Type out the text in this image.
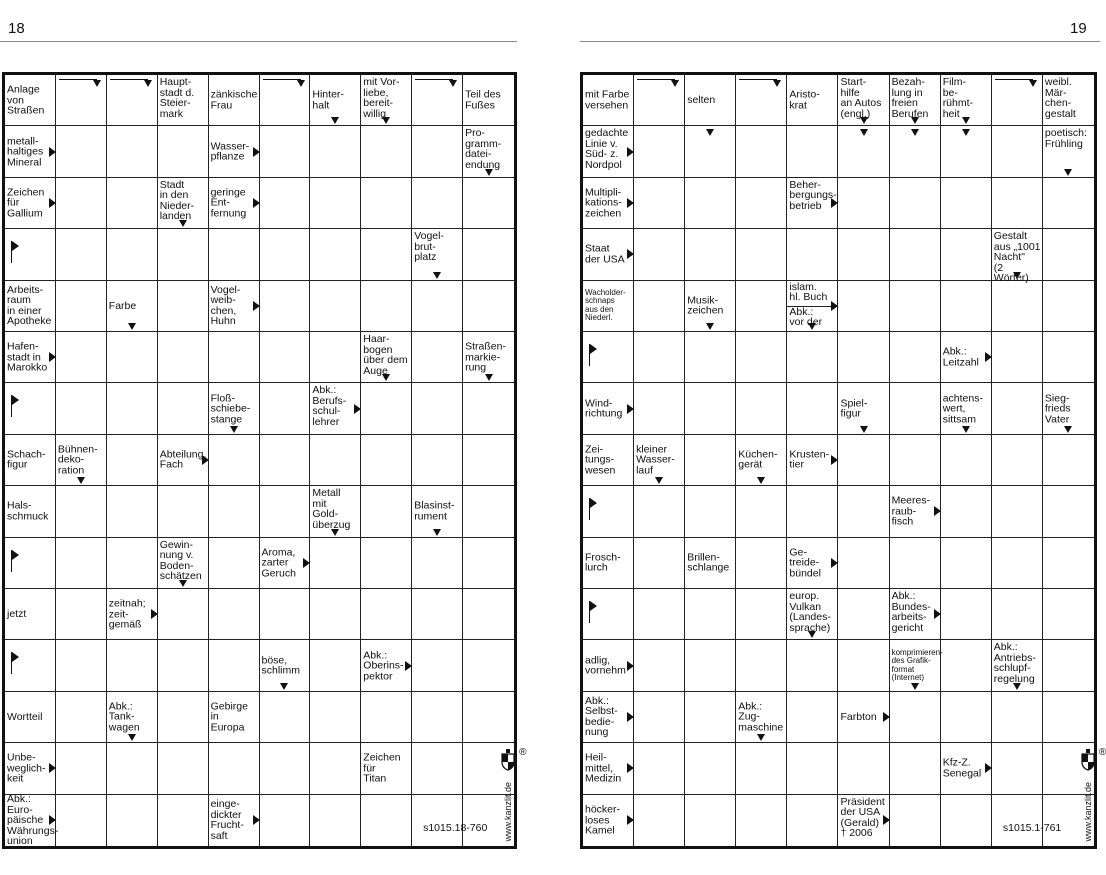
18	19
Anlage
von
Straßen
Haupt-
stadt d.
Steier-
mark
zänkische
Frau
Hinter-
halt
mit Vor-
liebe,
bereit-
willig
Teil des
Fußes
metall-
haltiges
Mineral
Wasser-
pflanze
Pro-
gramm-
datei-
endung
Zeichen
für
Gallium
Stadt
in den
Nieder-
landen
geringe
Ent-
fernung
Vogel-
brut-
platz
Arbeits-
raum
in einer
Apotheke
Farbe
Vogel-
weib-
chen,
Huhn
Hafen-
stadt in
Marokko
Haar-
bogen
über dem
Auge
Straßen-
markie-
rung
Floß-
schiebe-
stange
Abk.:
Berufs-
schul-
lehrer
Schach-
figur
Bühnen-
deko-
ration
Abteilung,
Fach
Hals-
schmuck
Metall
mit
Gold-
überzug
Blasinst-
rument
Gewin-
nung v.
Boden-
schätzen
Aroma,
zarter
Geruch
jetzt
zeitnah;
zeit-
gemäß
böse,
schlimm
Abk.:
Oberins-
pektor
Wortteil
Abk.:
Tank-
wagen
Gebirge
in
Europa
Unbe-
weglich-
keit
Zeichen
für
Titan
®
Abk.: Euro-
päische
Währungs-
union
einge-
dickter
Frucht-
saft
s1015.18-760	www.kanzlit.de
mit Farbe
versehen	selten	Aristo-
krat
Start-
hilfe
an Autos
(engl.)
Bezah-
lung in
freien
Berufen
Film-
be-
rühmt-
heit
weibl.
Mär-
chen-
gestalt
gedachte
Linie v.
Süd- z.
Nordpol
poetisch:
Frühling
Multipli-
kations-
zeichen
Beher-
bergungs-
betrieb
Staat
der USA
Gestalt
aus „1001
Nacht"
(2 Wörter)
Wacholder-
schnaps
aus den
Niederl.
Musik-
zeichen
islam.
hl. Buch
Abk.:
vor der
Abk.:
Leitzahl
Wind-
richtung
Spiel-
figur
achtens-
wert,
sittsam
Sieg-
frieds
Vater
Zei-
tungs-
wesen
kleiner
Wasser-
lauf
Küchen-
gerät
Krusten-
tier
Meeres-
raub-
fisch
Frosch-
lurch
Brillen-
schlange
Ge-
treide-
bündel
europ.
Vulkan
(Landes-
sprache)
Abk.:
Bundes-
arbeits-
gericht
adlig,
vornehm
komprimieren-
des Grafik-
format
(Internet)
Abk.:
Antriebs-
schlupf-
regelung
Abk.:
Selbst-
bedie-
nung
Abk.:
Zug-
maschine
Farbton
Heil-
mittel,
Medizin
Kfz-Z.
Senegal
®
höcker-
loses
Kamel
Präsident
der USA
(Gerald)
† 2006	s1015.1-761	www.kanzlit.de
